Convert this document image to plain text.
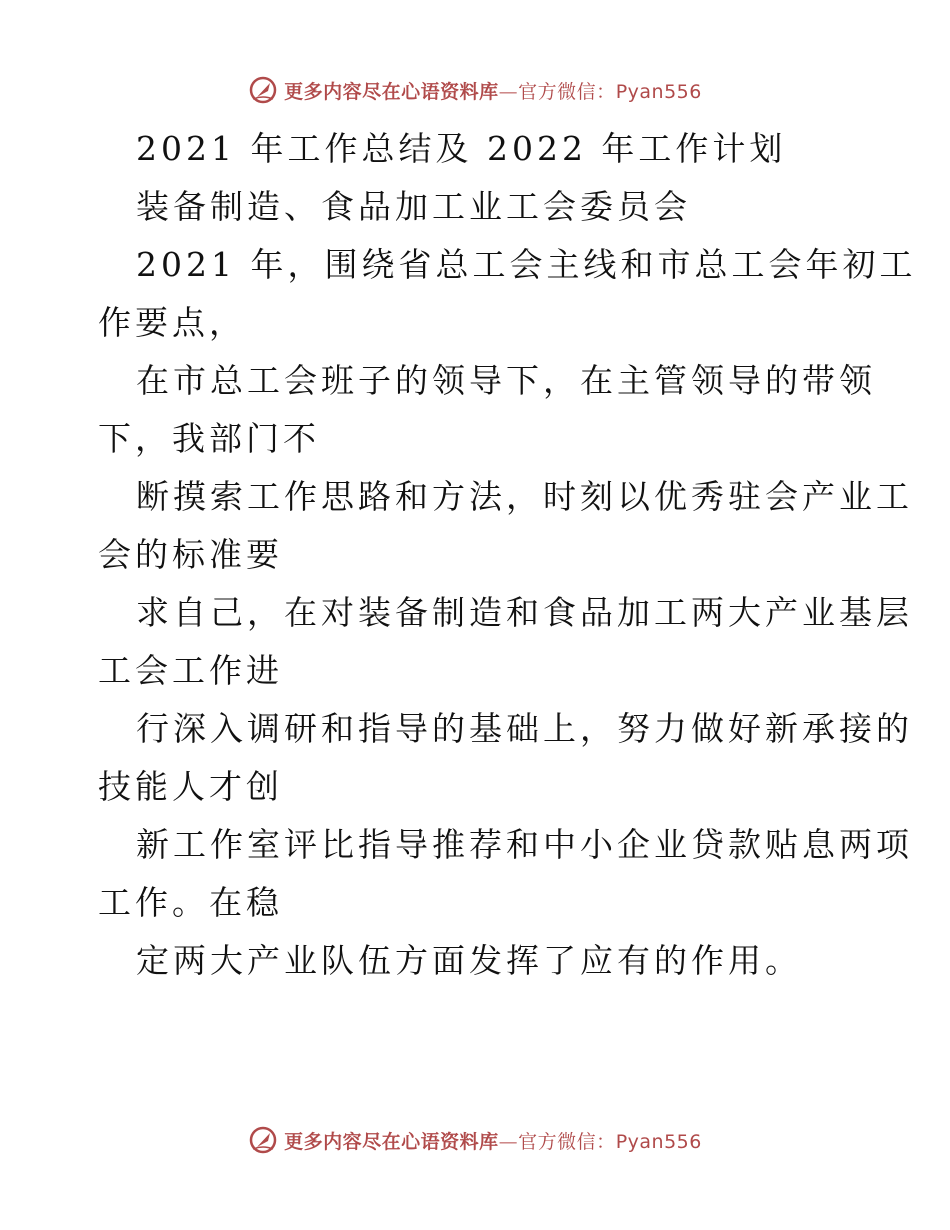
更多内容尽在心语资料库—官方微信：Pyan556
2021 年工作总结及 2022 年工作计划
装备制造、食品加工业工会委员会
2021 年，围绕省总工会主线和市总工会年初工
作要点，
在市总工会班子的领导下，在主管领导的带领
下，我部门不
断摸索工作思路和方法，时刻以优秀驻会产业工
会的标准要
求自己，在对装备制造和食品加工两大产业基层
工会工作进
行深入调研和指导的基础上，努力做好新承接的
技能人才创
新工作室评比指导推荐和中小企业贷款贴息两项
工作。在稳
定两大产业队伍方面发挥了应有的作用。
更多内容尽在心语资料库—官方微信：Pyan556
